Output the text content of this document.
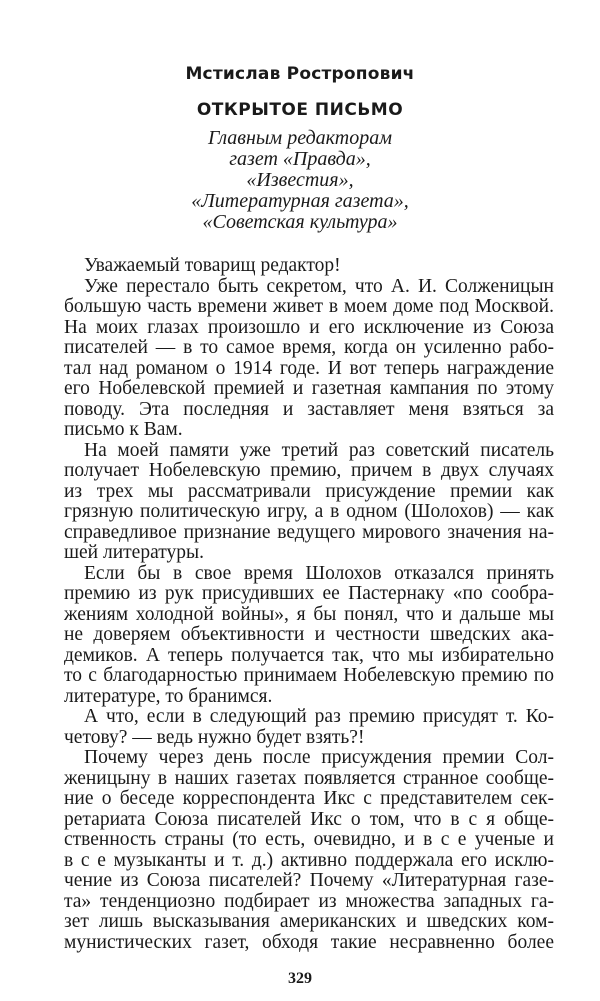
Мстислав Ростропович
ОТКРЫТОЕ ПИСЬМО
Главным редакторам
газет «Правда»,
«Известия»,
«Литературная газета»,
«Советская культура»
Уважаемый товарищ редактор!
Уже перестало быть секретом, что А. И. Солженицын
большую часть времени живет в моем доме под Москвой.
На моих глазах произошло и его исключение из Союза
писателей — в то самое время, когда он усиленно рабо-
тал над романом о 1914 годе. И вот теперь награждение
его Нобелевской премией и газетная кампания по этому
поводу. Эта последняя и заставляет меня взяться за
письмо к Вам.
На моей памяти уже третий раз советский писатель
получает Нобелевскую премию, причем в двух случаях
из трех мы рассматривали присуждение премии как
грязную политическую игру, а в одном (Шолохов) — как
справедливое признание ведущего мирового значения на-
шей литературы.
Если бы в свое время Шолохов отказался принять
премию из рук присудивших ее Пастернаку «по сообра-
жениям холодной войны», я бы понял, что и дальше мы
не доверяем объективности и честности шведских ака-
демиков. А теперь получается так, что мы избирательно
то с благодарностью принимаем Нобелевскую премию по
литературе, то бранимся.
А что, если в следующий раз премию присудят т. Ко-
четову? — ведь нужно будет взять?!
Почему через день после присуждения премии Сол-
женицыну в наших газетах появляется странное сообще-
ние о беседе корреспондента Икс с представителем сек-
ретариата Союза писателей Икс о том, что в с я обще-
ственность страны (то есть, очевидно, и в с е ученые и
в с е музыканты и т. д.) активно поддержала его исклю-
чение из Союза писателей? Почему «Литературная газе-
та» тенденциозно подбирает из множества западных га-
зет лишь высказывания американских и шведских ком-
мунистических газет, обходя такие несравненно более
329
